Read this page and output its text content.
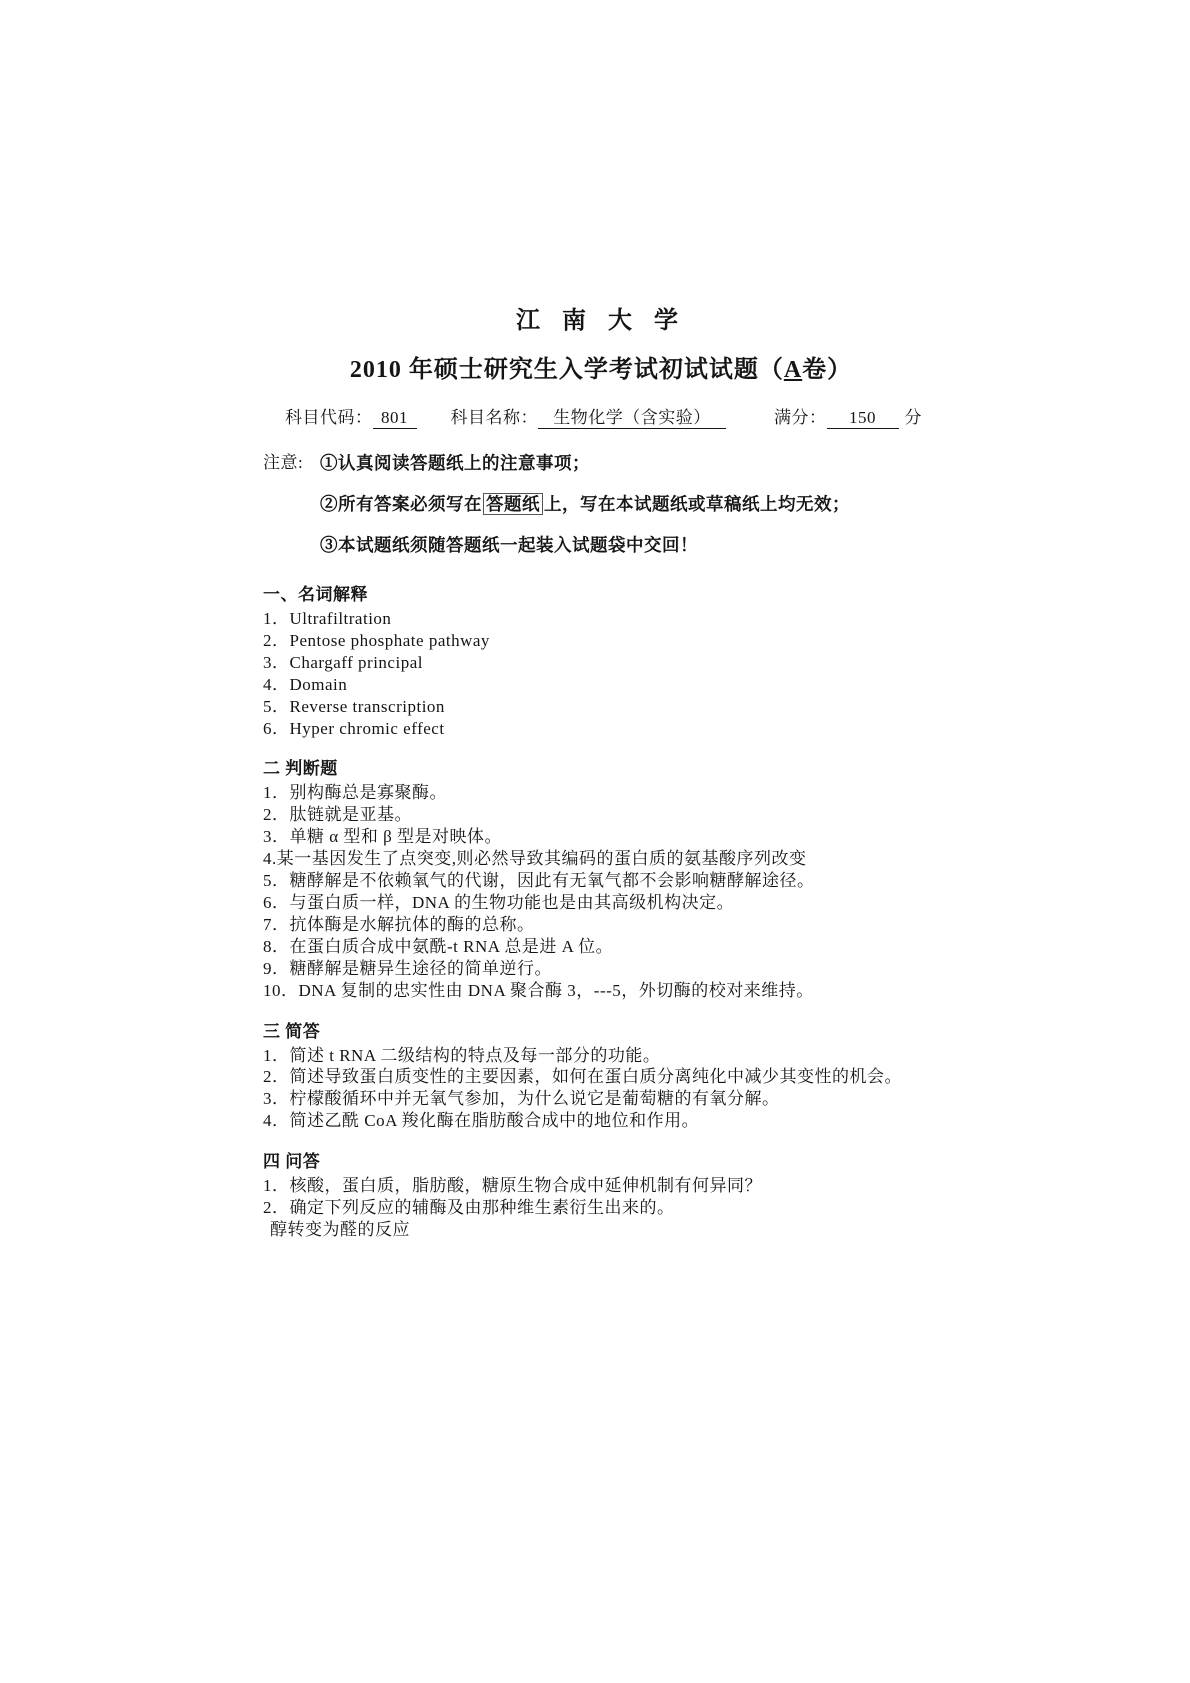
江 南 大 学
2010 年硕士研究生入学考试初试试题（A卷）
科目代码： 801	科目名称： 生物化学（含实验）	满分： 150 分
注意: ①认真阅读答题纸上的注意事项；
②所有答案必须写在 答题纸 上，写在本试题纸或草稿纸上均无效；
③本试题纸须随答题纸一起装入试题袋中交回！
一、名词解释
1．Ultrafiltration
2．Pentose phosphate pathway
3．Chargaff principal
4．Domain
5．Reverse transcription
6．Hyper chromic effect
二 判断题
1．别构酶总是寡聚酶。
2．肽链就是亚基。
3．单糖 α 型和 β 型是对映体。
4.某一基因发生了点突变,则必然导致其编码的蛋白质的氨基酸序列改变
5．糖酵解是不依赖氧气的代谢，因此有无氧气都不会影响糖酵解途径。
6．与蛋白质一样，DNA 的生物功能也是由其高级机构决定。
7．抗体酶是水解抗体的酶的总称。
8．在蛋白质合成中氨酰-t RNA 总是进 A 位。
9．糖酵解是糖异生途径的简单逆行。
10．DNA 复制的忠实性由 DNA 聚合酶 3，---5，外切酶的校对来维持。
三 简答
1．简述 t RNA 二级结构的特点及每一部分的功能。
2．简述导致蛋白质变性的主要因素，如何在蛋白质分离纯化中减少其变性的机会。
3．柠檬酸循环中并无氧气参加，为什么说它是葡萄糖的有氧分解。
4．简述乙酰 CoA 羧化酶在脂肪酸合成中的地位和作用。
四 问答
1．核酸，蛋白质，脂肪酸，糖原生物合成中延伸机制有何异同？
2．确定下列反应的辅酶及由那种维生素衍生出来的。
醇转变为醛的反应
